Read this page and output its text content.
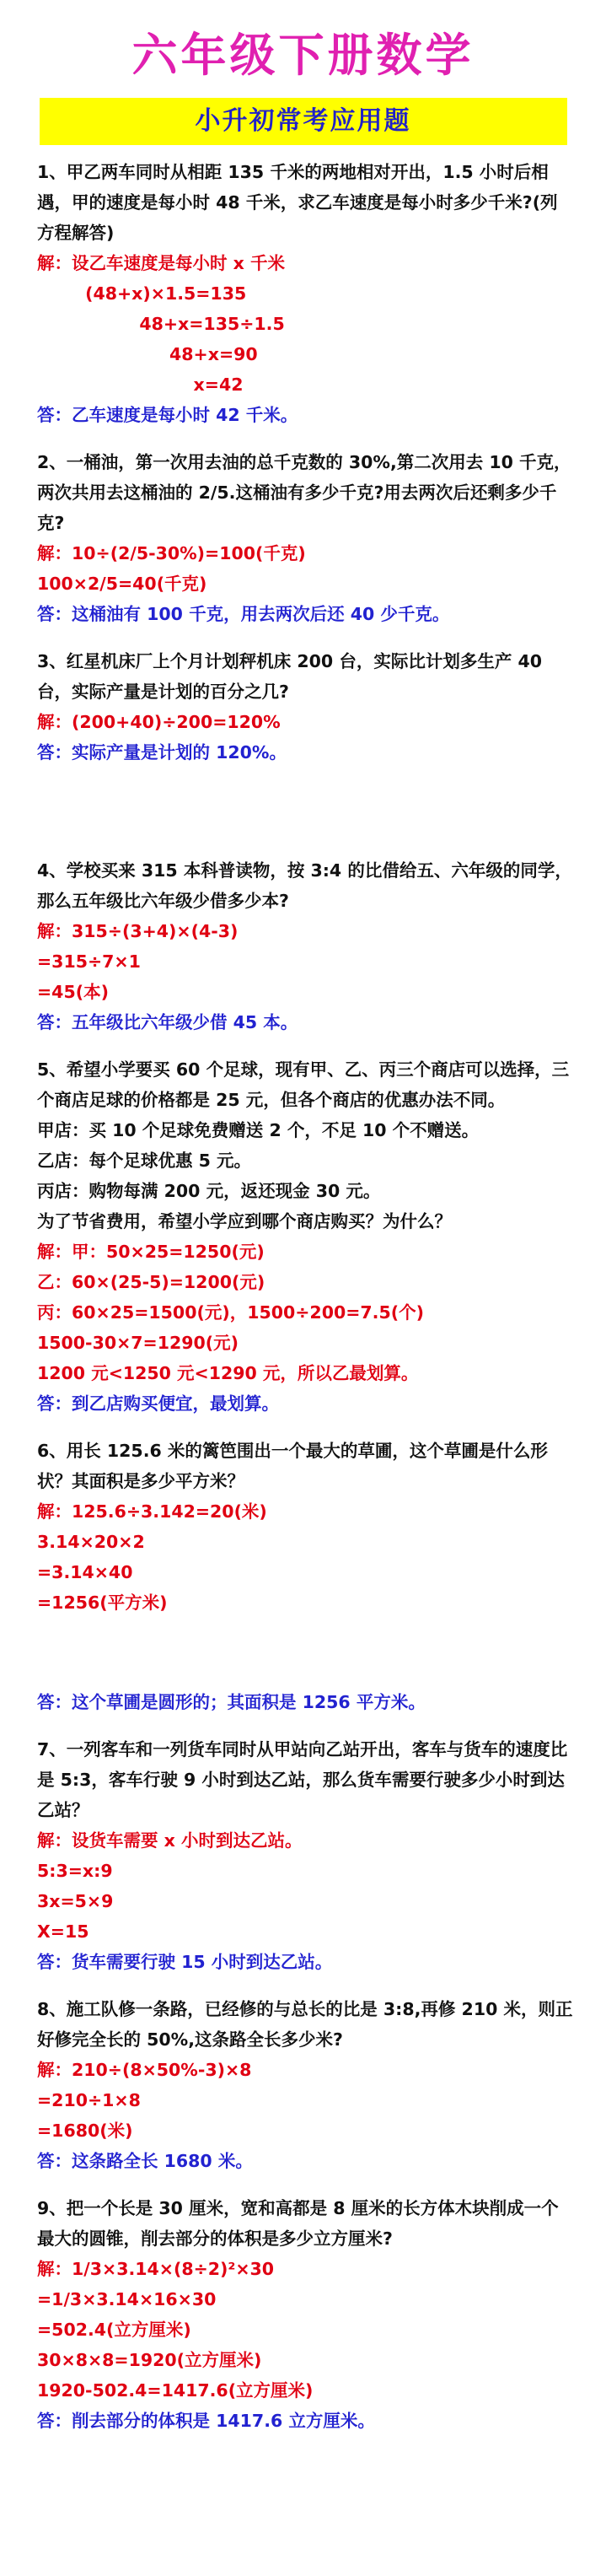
六年级下册数学
小升初常考应用题

1、甲乙两车同时从相距 135 千米的两地相对开出，1.5 小时后相遇，甲的速度是每小时 48 千米，求乙车速度是每小时多少千米?(列方程解答)

解：设乙车速度是每小时 x 千米
(48+x)×1.5=135
48+x=135÷1.5
48+x=90
x=42
答：乙车速度是每小时 42 千米。

2、一桶油，第一次用去油的总千克数的 30%,第二次用去 10 千克，两次共用去这桶油的 2/5.这桶油有多少千克?用去两次后还剩多少千克?

解：10÷(2/5-30%)=100(千克)
100×2/5=40(千克)
答：这桶油有 100 千克，用去两次后还 40 少千克。

3、红星机床厂上个月计划秤机床 200 台，实际比计划多生产 40台，实际产量是计划的百分之几?

解：(200+40)÷200=120%
答：实际产量是计划的 120%。

4、学校买来 315 本科普读物，按 3:4 的比借给五、六年级的同学，那么五年级比六年级少借多少本?

解：315÷(3+4)×(4-3)
=315÷7×1
=45(本)
答：五年级比六年级少借 45 本。

5、希望小学要买 60 个足球，现有甲、乙、丙三个商店可以选择，三个商店足球的价格都是 25 元，但各个商店的优惠办法不同。
甲店：买 10 个足球免费赠送 2 个，不足 10 个不赠送。
乙店：每个足球优惠 5 元。
丙店：购物每满 200 元，返还现金 30 元。
为了节省费用，希望小学应到哪个商店购买？为什么？

解：甲：50×25=1250(元)
乙：60×(25-5)=1200(元)
丙：60×25=1500(元)，1500÷200=7.5(个)
1500-30×7=1290(元)
1200 元<1250 元<1290 元，所以乙最划算。
答：到乙店购买便宜，最划算。

6、用长 125.6 米的篱笆围出一个最大的草圃，这个草圃是什么形状？其面积是多少平方米？

解：125.6÷3.142=20(米)
3.14×20×2
=3.14×40
=1256(平方米)
答：这个草圃是圆形的；其面积是 1256 平方米。

7、一列客车和一列货车同时从甲站向乙站开出，客车与货车的速度比是 5:3，客车行驶 9 小时到达乙站，那么货车需要行驶多少小时到达乙站？

解：设货车需要 x 小时到达乙站。
5:3=x:9
3x=5×9
X=15
答：货车需要行驶 15 小时到达乙站。

8、施工队修一条路，已经修的与总长的比是 3:8,再修 210 米，则正好修完全长的 50%,这条路全长多少米?

解：210÷(8×50%-3)×8
=210÷1×8
=1680(米)
答：这条路全长 1680 米。

9、把一个长是 30 厘米，宽和高都是 8 厘米的长方体木块削成一个最大的圆锥，削去部分的体积是多少立方厘米?

解：1/3×3.14×(8÷2)²×30
=1/3×3.14×16×30
=502.4(立方厘米)
30×8×8=1920(立方厘米)
1920-502.4=1417.6(立方厘米)
答：削去部分的体积是 1417.6 立方厘米。
